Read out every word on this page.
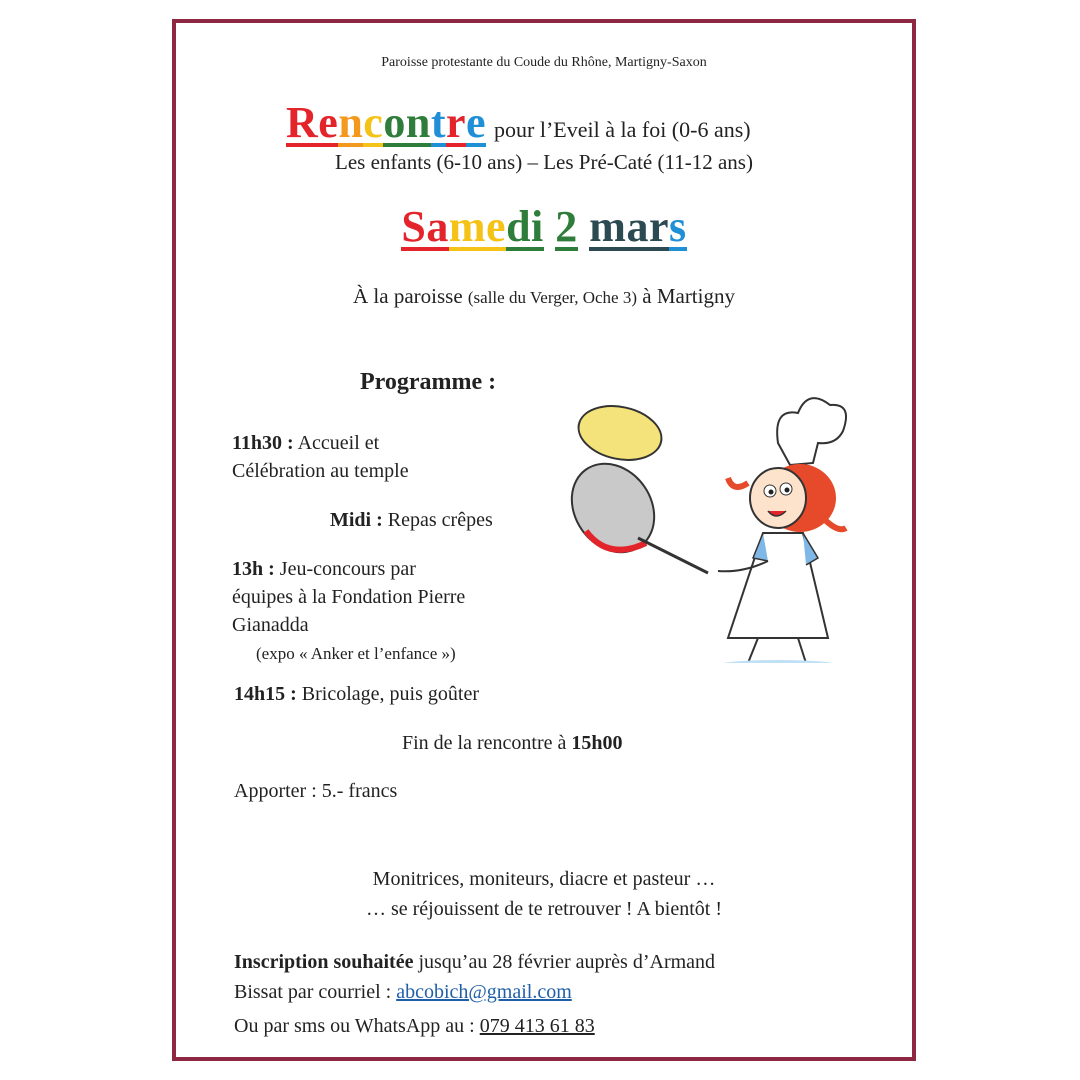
Paroisse protestante du Coude du Rhône, Martigny-Saxon
Rencontre pour l’Eveil à la foi (0-6 ans)
Les enfants (6-10 ans) – Les Pré-Caté (11-12 ans)
Samedi 2 mars
À la paroisse (salle du Verger, Oche 3) à Martigny
Programme :
11h30 : Accueil et
Célébration au temple
Midi : Repas crêpes
13h : Jeu-concours par
équipes à la Fondation Pierre
Gianadda
(expo « Anker et l’enfance »)
14h15 : Bricolage, puis goûter
Fin de la rencontre à 15h00
Apporter : 5.- francs
Monitrices, moniteurs, diacre et pasteur …
… se réjouissent de te retrouver ! A bientôt !
Inscription souhaitée jusqu’au 28 février auprès d’Armand
Bissat par courriel : abcobich@gmail.com
Ou par sms ou WhatsApp au : 079 413 61 83
